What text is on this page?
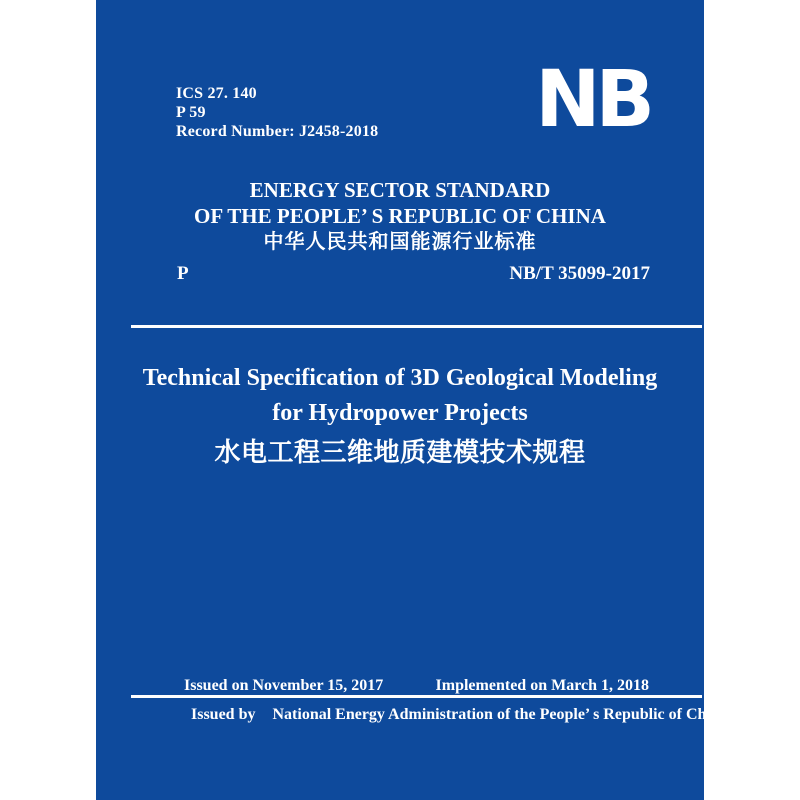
ICS 27. 140
P 59
Record Number: J2458-2018 NB
ENERGY SECTOR STANDARD
OF THE PEOPLE’ S REPUBLIC OF CHINA
中华人民共和国能源行业标准
P	NB/T 35099-2017
Technical Specification of 3D Geological Modeling
for Hydropower Projects
水电工程三维地质建模技术规程
Issued on November 15, 2017	Implemented on March 1, 2018
Issued by National Energy Administration of the People’ s Republic of China
